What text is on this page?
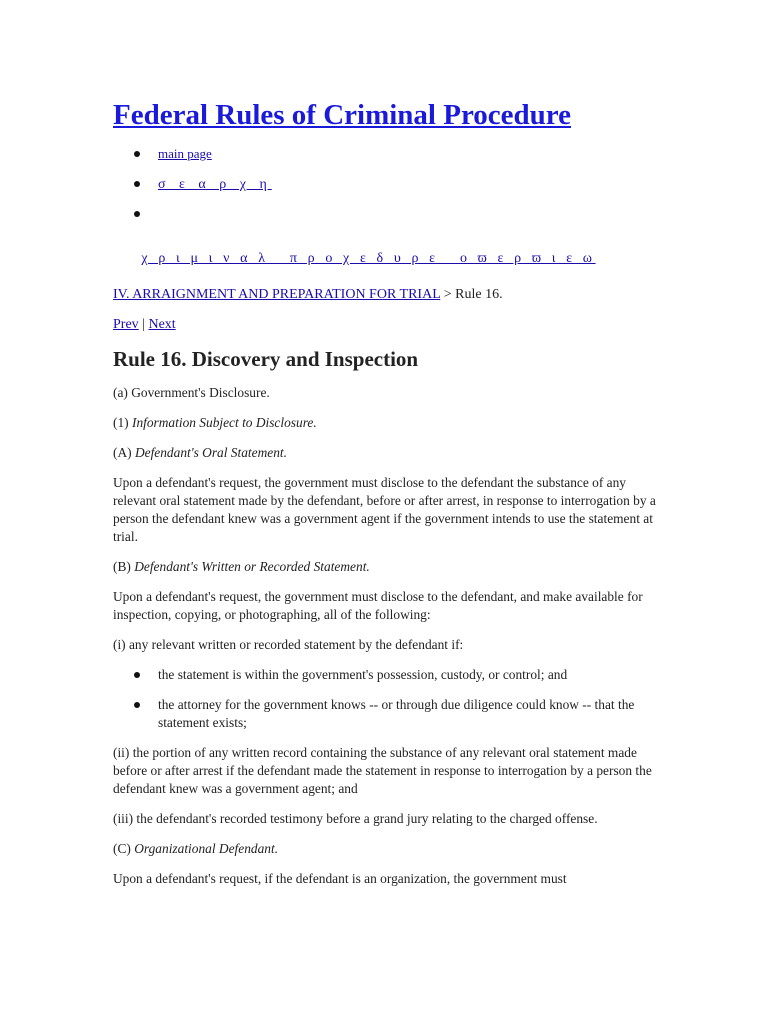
Federal Rules of Criminal Procedure
main page
σ ε α ρ χ η

χ ρ ι μ ι ν α λ   π ρ ο χ ε δ υ ρ ε   ο ϖ ε ρ ϖ ι ε ω

IV. ARRAIGNMENT AND PREPARATION FOR TRIAL > Rule 16.
Prev | Next
Rule 16. Discovery and Inspection

(a) Government's Disclosure.

(1) Information Subject to Disclosure.

(A) Defendant's Oral Statement.

Upon a defendant's request, the government must disclose to the defendant the substance of any relevant oral statement made by the defendant, before or after arrest, in response to interrogation by a person the defendant knew was a government agent if the government intends to use the statement at trial.

(B) Defendant's Written or Recorded Statement.

Upon a defendant's request, the government must disclose to the defendant, and make available for inspection, copying, or photographing, all of the following:

(i) any relevant written or recorded statement by the defendant if:

the statement is within the government's possession, custody, or control; and
the attorney for the government knows -- or through due diligence could know -- that the statement exists;

(ii) the portion of any written record containing the substance of any relevant oral statement made before or after arrest if the defendant made the statement in response to interrogation by a person the defendant knew was a government agent; and

(iii) the defendant's recorded testimony before a grand jury relating to the charged offense.

(C) Organizational Defendant.

Upon a defendant's request, if the defendant is an organization, the government must
